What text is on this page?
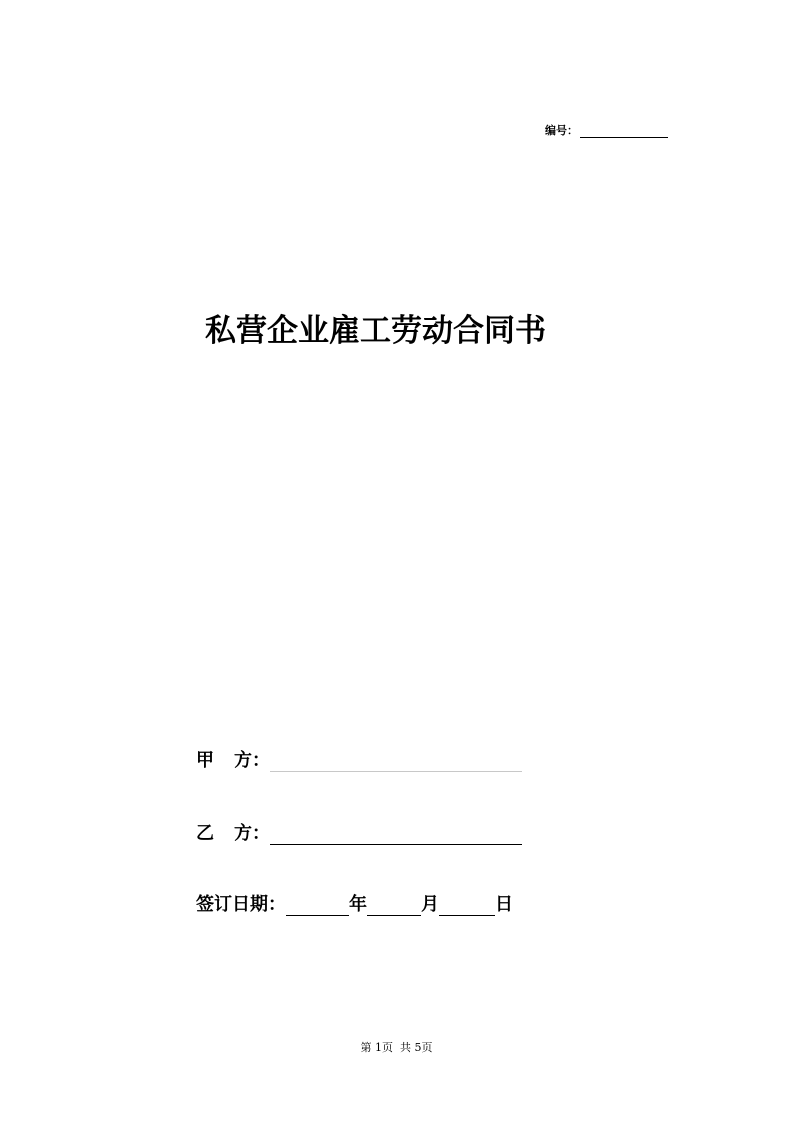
编号：
私营企业雇工劳动合同书
甲 方：
乙 方：
签订日期：	年	月	日
第 1页  共 5页
